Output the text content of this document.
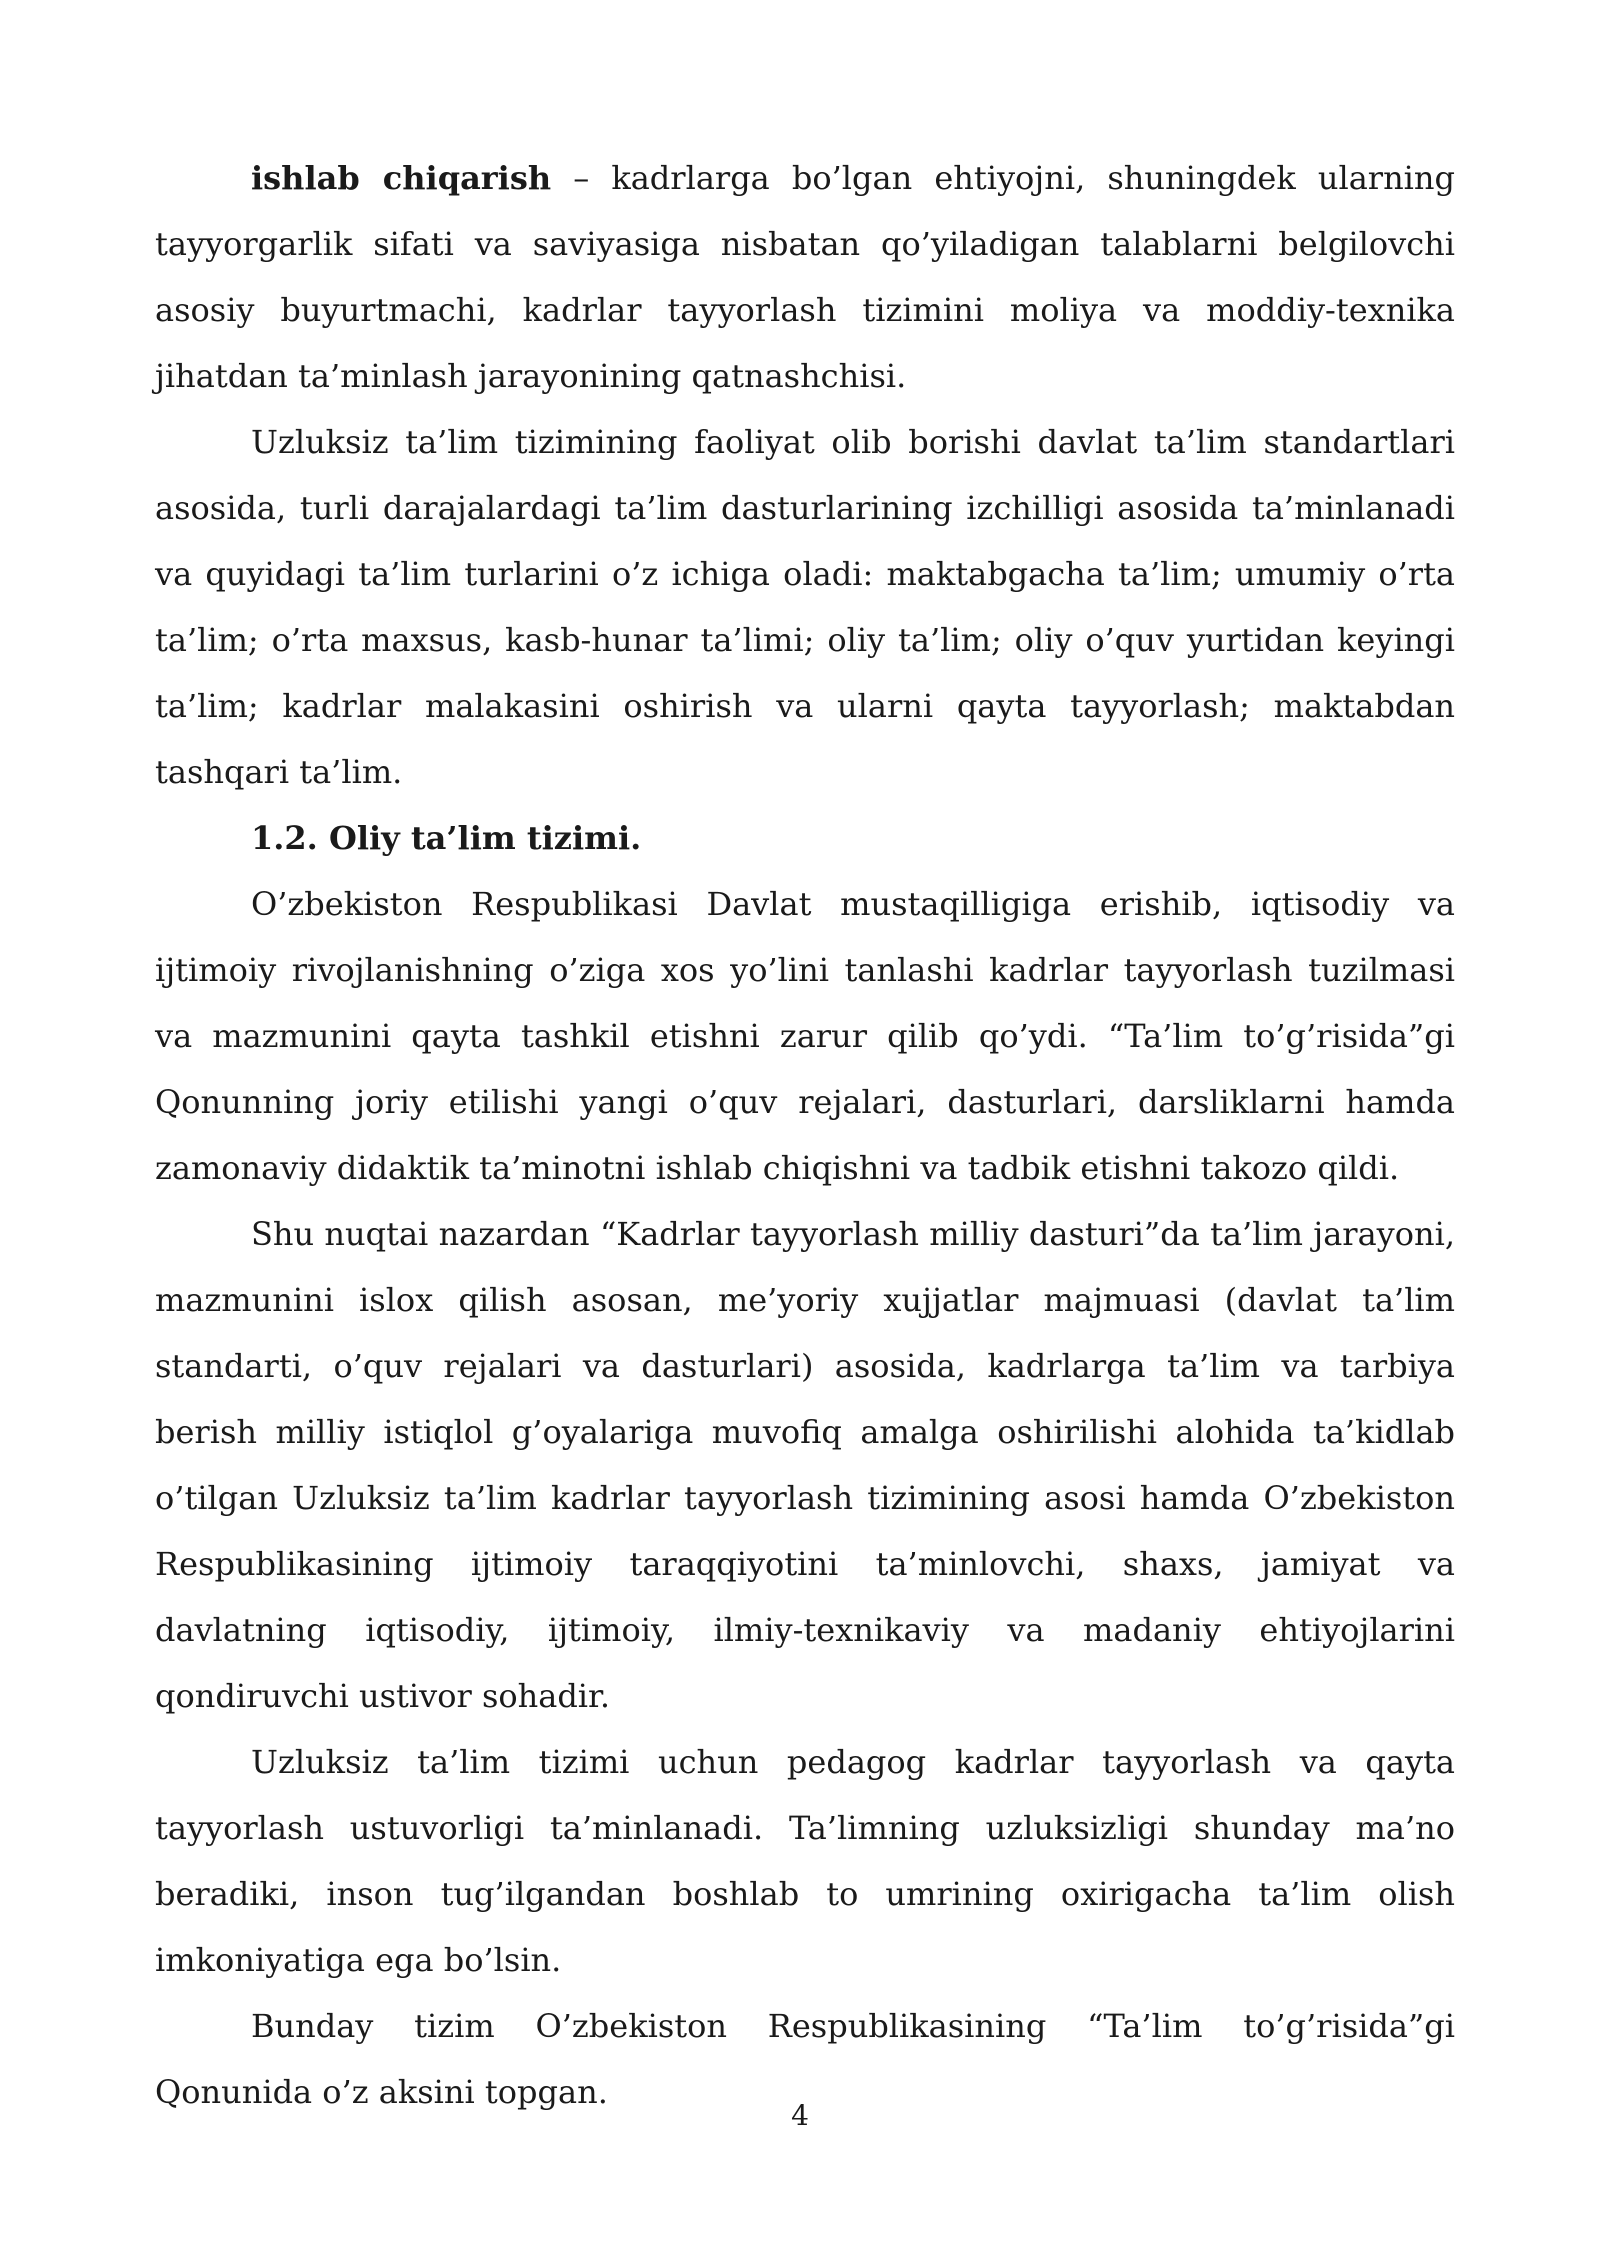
ishlab chiqarish – kadrlarga bo’lgan ehtiyojni, shuningdek ularning tayyorgarlik sifati va saviyasiga nisbatan qo’yiladigan talablarni belgilovchi asosiy buyurtmachi, kadrlar tayyorlash tizimini moliya va moddiy-texnika jihatdan ta’minlash jarayonining qatnashchisi.

Uzluksiz ta’lim tizimining faoliyat olib borishi davlat ta’lim standartlari asosida, turli darajalardagi ta’lim dasturlarining izchilligi asosida ta’minlanadi va quyidagi ta’lim turlarini o’z ichiga oladi: maktabgacha ta’lim; umumiy o’rta ta’lim; o’rta maxsus, kasb-hunar ta’limi; oliy ta’lim; oliy o’quv yurtidan keyingi ta’lim; kadrlar malakasini oshirish va ularni qayta tayyorlash; maktabdan tashqari ta’lim.

1.2. Oliy ta’lim tizimi.

O’zbekiston Respublikasi Davlat mustaqilligiga erishib, iqtisodiy va ijtimoiy rivojlanishning o’ziga xos yo’lini tanlashi kadrlar tayyorlash tuzilmasi va mazmunini qayta tashkil etishni zarur qilib qo’ydi. “Ta’lim to’g’risida”gi Qonunning joriy etilishi yangi o’quv rejalari, dasturlari, darsliklarni hamda zamonaviy didaktik ta’minotni ishlab chiqishni va tadbik etishni takozo qildi.

Shu nuqtai nazardan “Kadrlar tayyorlash milliy dasturi”da ta’lim jarayoni, mazmunini islox qilish asosan, me’yoriy xujjatlar majmuasi (davlat ta’lim standarti, o’quv rejalari va dasturlari) asosida, kadrlarga ta’lim va tarbiya berish milliy istiqlol g’oyalariga muvofiq amalga oshirilishi alohida ta’kidlab o’tilgan Uzluksiz ta’lim kadrlar tayyorlash tizimining asosi hamda O’zbekiston Respublikasining ijtimoiy taraqqiyotini ta’minlovchi, shaxs, jamiyat va davlatning iqtisodiy, ijtimoiy, ilmiy-texnikaviy va madaniy ehtiyojlarini qondiruvchi ustivor sohadir.

Uzluksiz ta’lim tizimi uchun pedagog kadrlar tayyorlash va qayta tayyorlash ustuvorligi ta’minlanadi. Ta’limning uzluksizligi shunday ma’no beradiki, inson tug’ilgandan boshlab to umrining oxirigacha ta’lim olish imkoniyatiga ega bo’lsin.

Bunday tizim O’zbekiston Respublikasining “Ta’lim to’g’risida”gi Qonunida o’z aksini topgan.

4
